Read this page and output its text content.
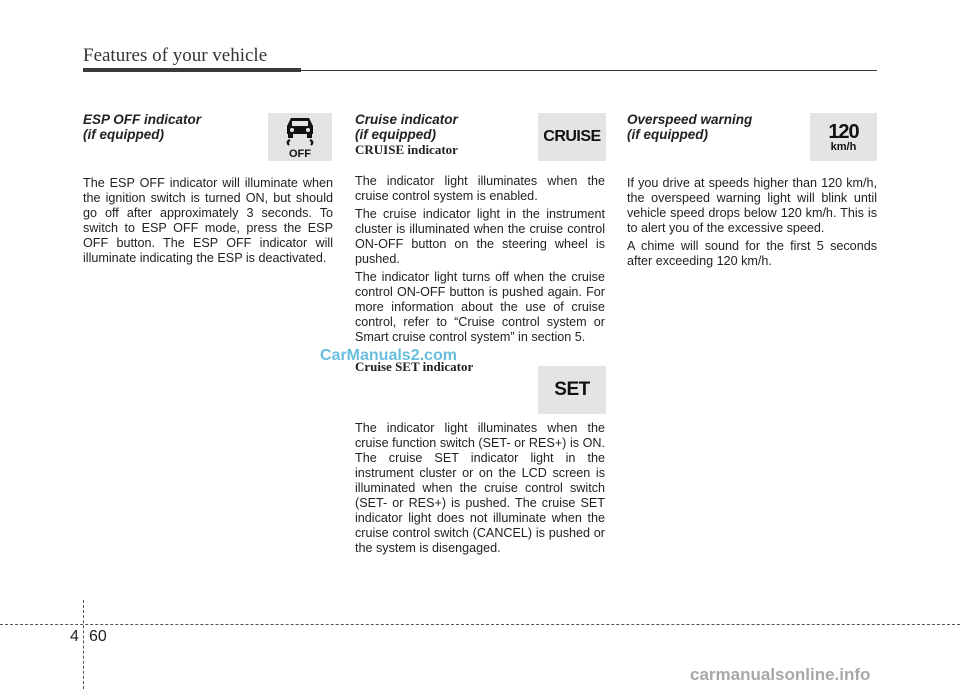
Features of your vehicle
ESP OFF indicator
(if equipped)

The ESP OFF indicator will illuminate when the ignition switch is turned ON, but should go off after approximately 3 seconds. To switch to ESP OFF mode, press the ESP OFF button. The ESP OFF indicator will illuminate indicating the ESP is deactivated.

OFF
Cruise indicator
(if equipped)
CRUISE indicator

The indicator light illuminates when the cruise control system is enabled.

The cruise indicator light in the instrument cluster is illuminated when the cruise control ON-OFF button on the steering wheel is pushed.

The indicator light turns off when the cruise control ON-OFF button is pushed again. For more information about the use of cruise control, refer to “Cruise control system or Smart cruise control system” in section 5.

Cruise SET indicator

The indicator light illuminates when the cruise function switch (SET- or RES+) is ON. The cruise SET indicator light in the instrument cluster or on the LCD screen is illuminated when the cruise control switch (SET- or RES+) is pushed. The cruise SET indicator light does not illuminate when the cruise control switch (CANCEL) is pushed or the system is disengaged.

CRUISE
SET
Overspeed warning
(if equipped)

If you drive at speeds higher than 120 km/h, the overspeed warning light will blink until vehicle speed drops below 120 km/h. This is to alert you of the excessive speed.

A chime will sound for the first 5 seconds after exceeding 120 km/h.

120
km/h
CarManuals2.com
4 60
carmanualsonline.info
